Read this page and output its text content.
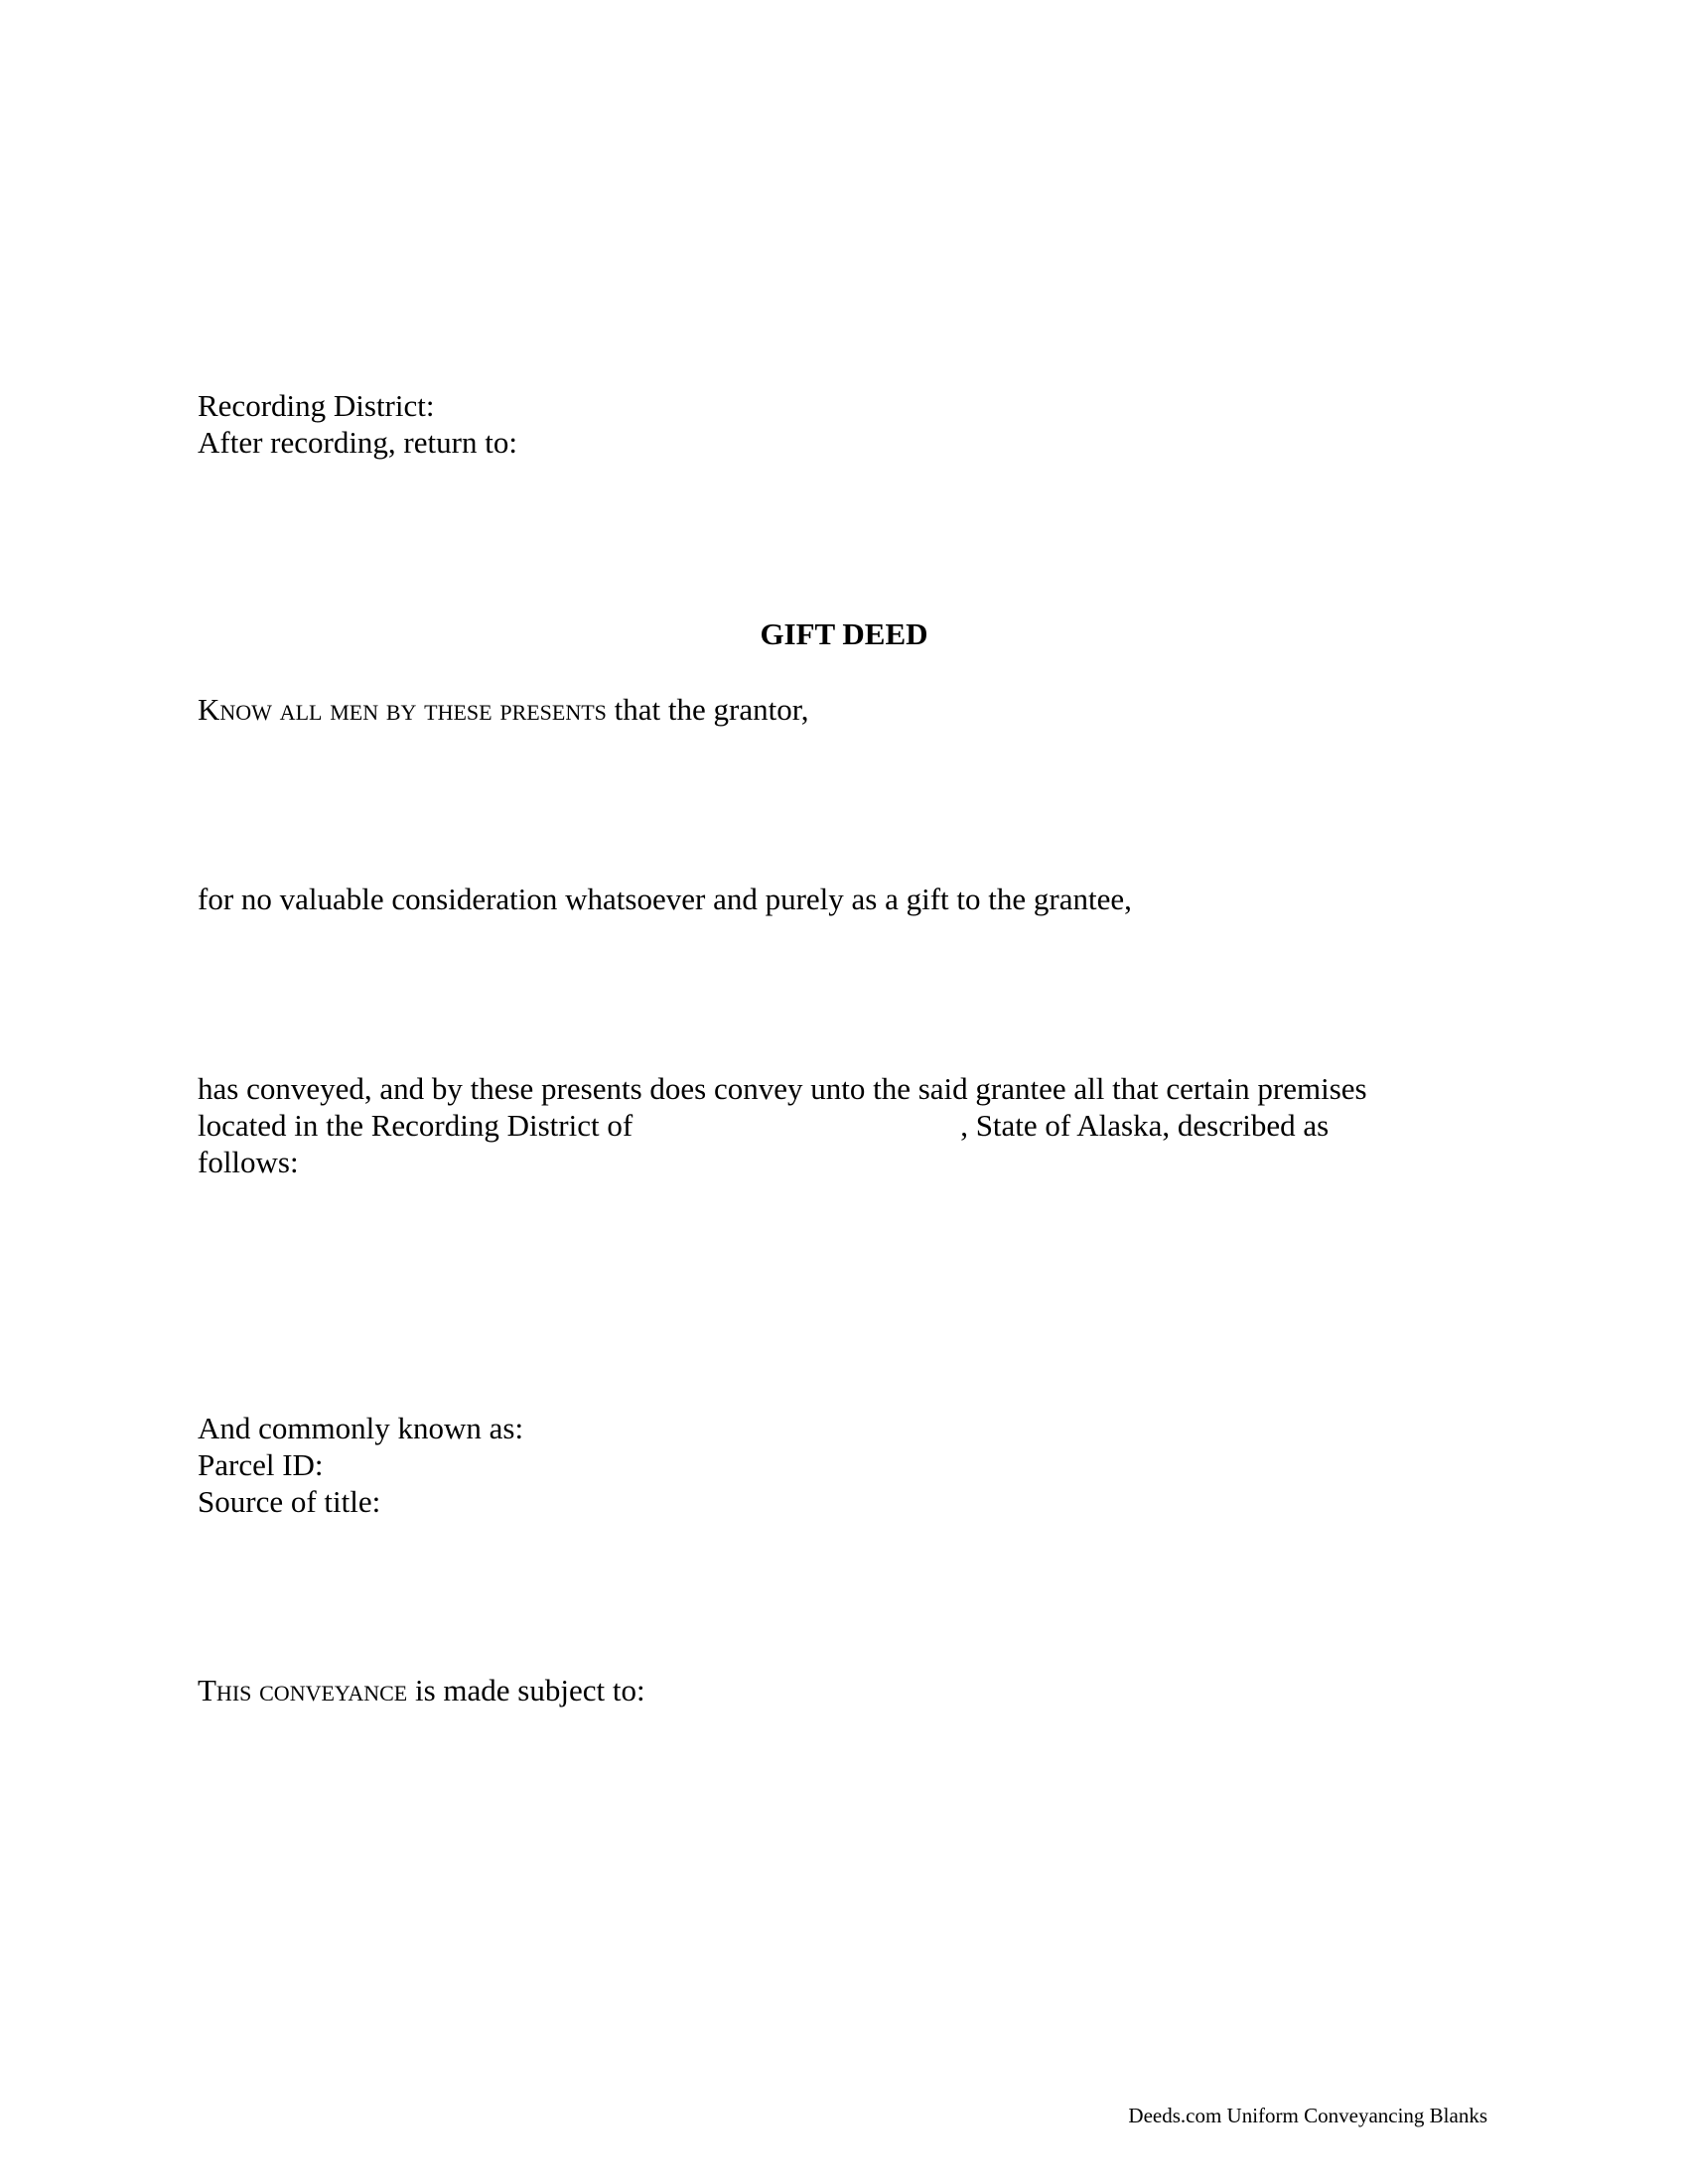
Recording District:
After recording, return to:
GIFT DEED
Know all men by these presents that the grantor,
for no valuable consideration whatsoever and purely as a gift to the grantee,
has conveyed, and by these presents does convey unto the said grantee all that certain premises
located in the Recording District of	, State of Alaska, described as
follows:
And commonly known as:
Parcel ID:
Source of title:
This conveyance is made subject to:
Deeds.com Uniform Conveyancing Blanks
